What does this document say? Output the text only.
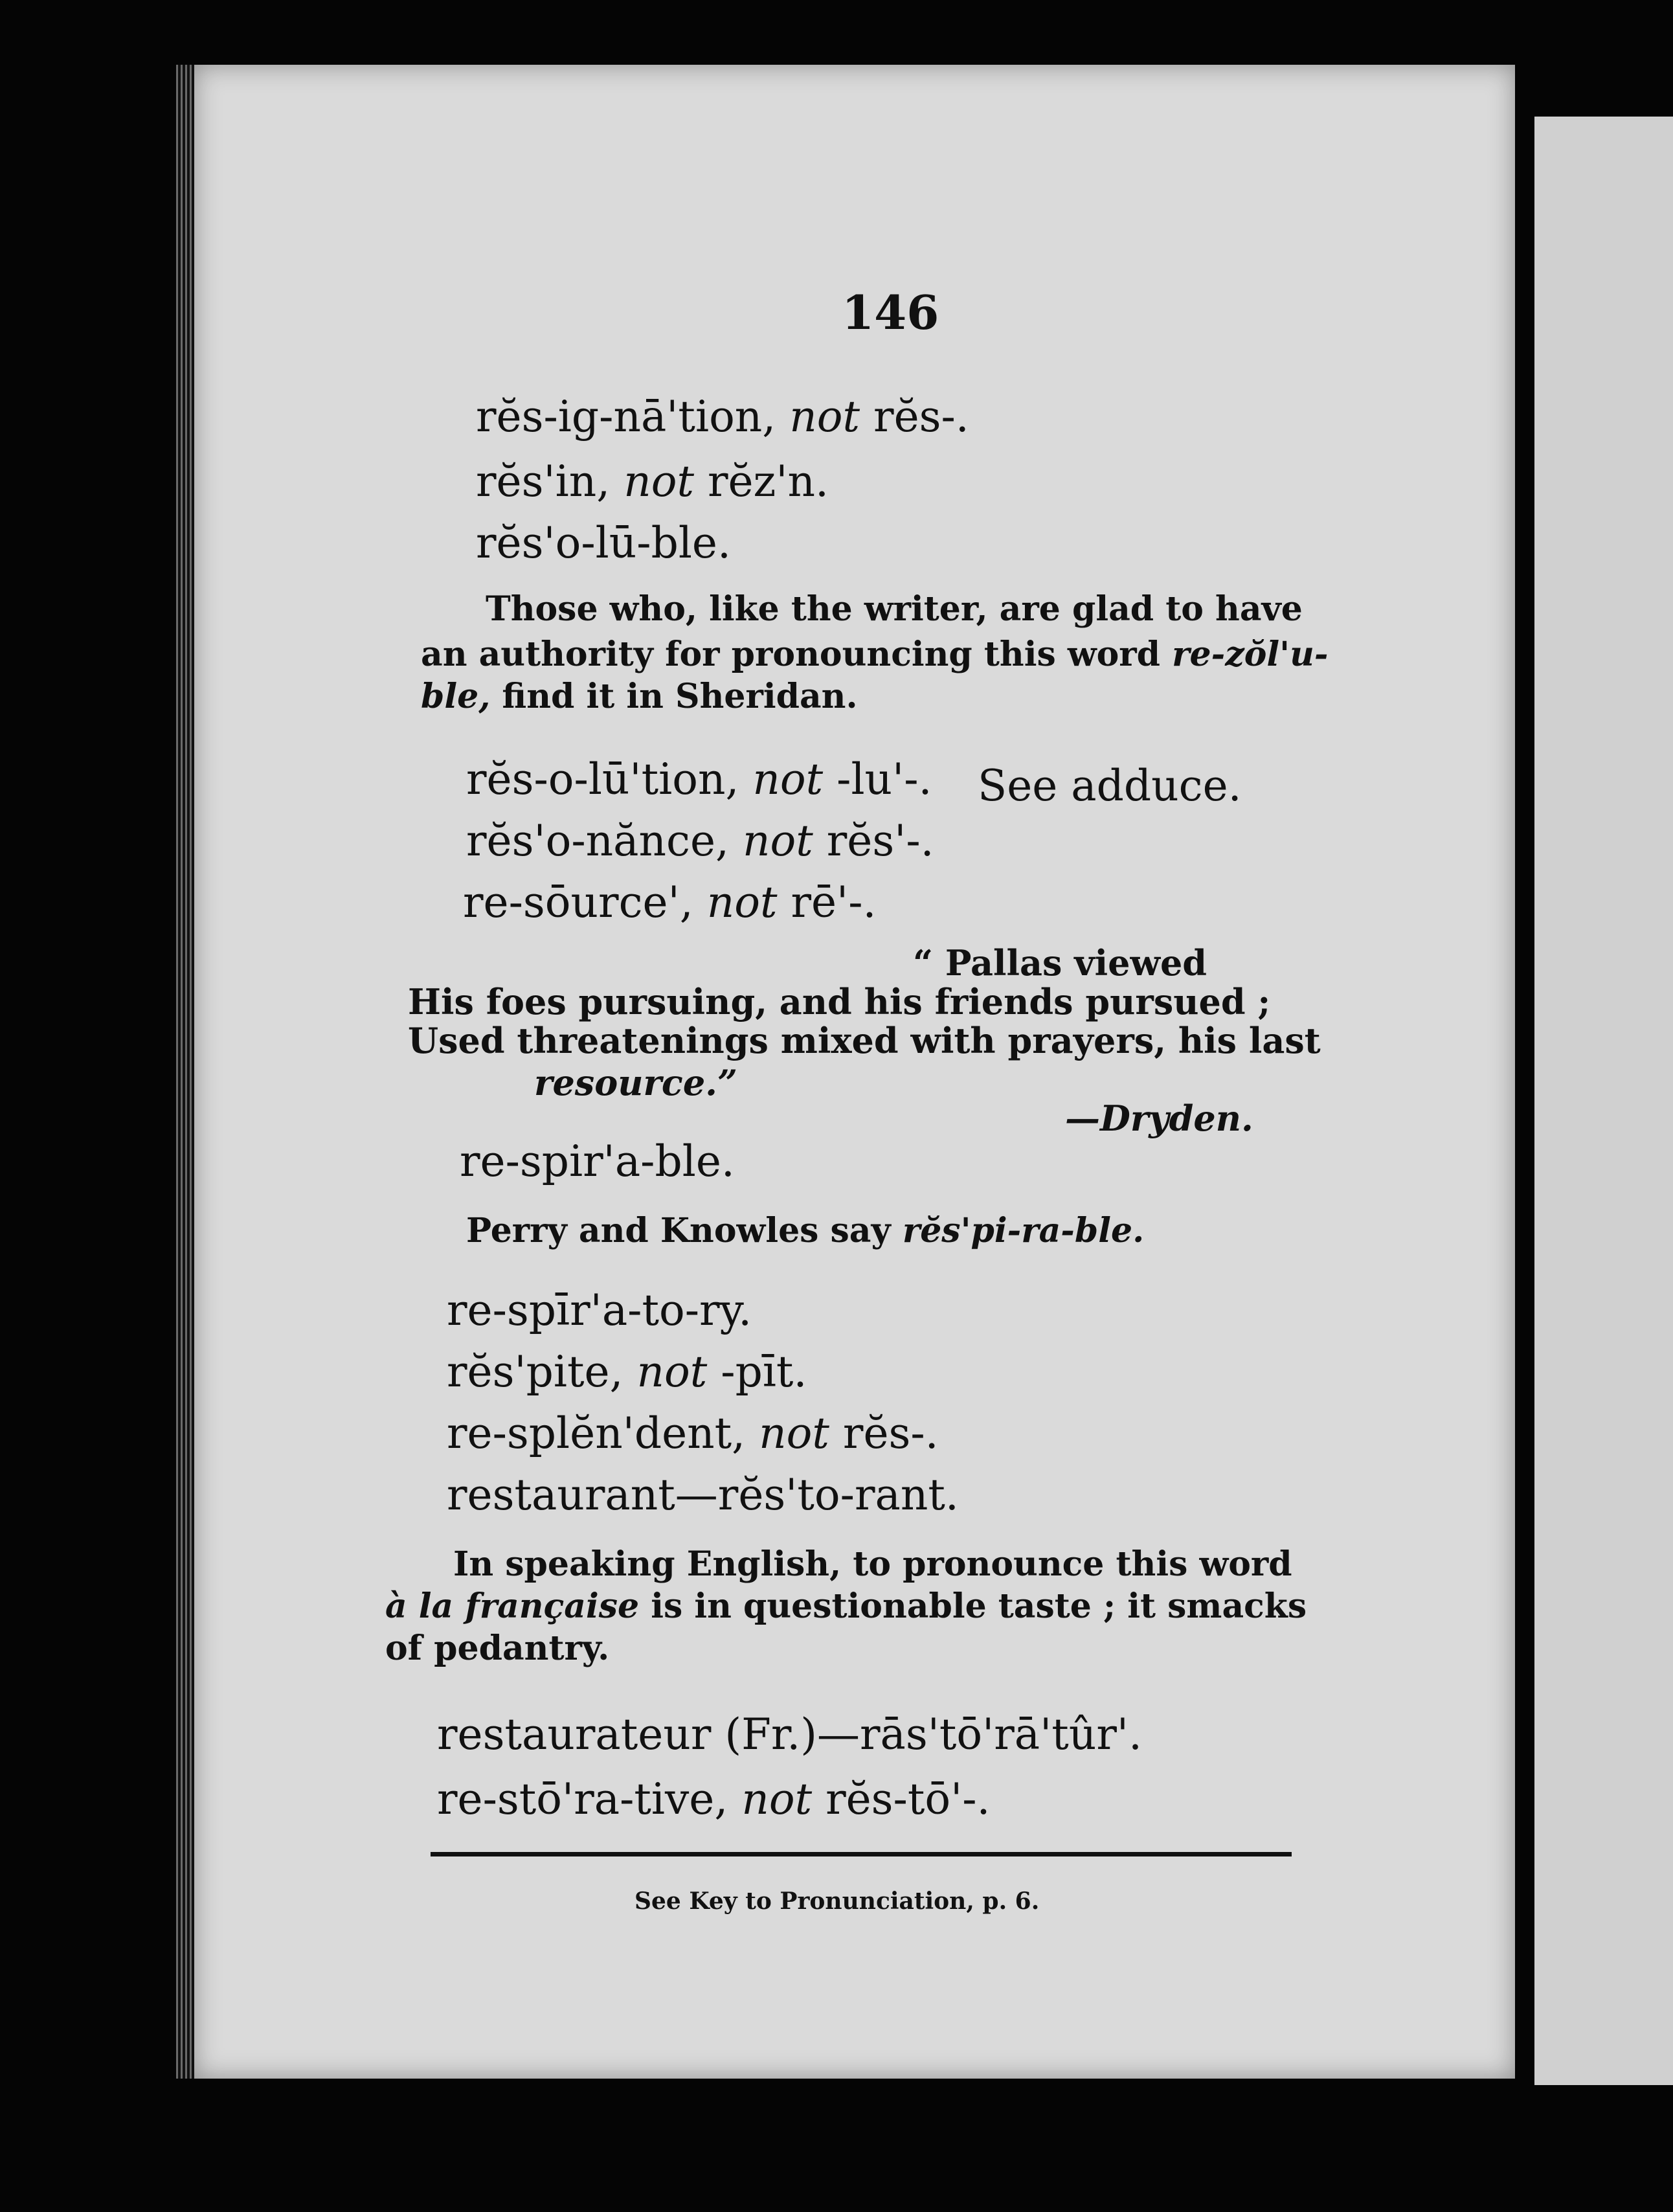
146
rĕs-ig-nā'tion, not rĕs-.
rĕs'in, not rĕz'n.
rĕs'o-lū-ble.
Those who, like the writer, are glad to have
an authority for pronouncing this word re-zŏl'u-
ble, find it in Sheridan.
rĕs-o-lū'tion, not -lu'-. See adduce.
rĕs'o-nănce, not rĕs'-.
re-sōurce', not rē'-.
“ Pallas viewed
His foes pursuing, and his friends pursued ;
Used threatenings mixed with prayers, his last
resource.”
—Dryden.
re-spir'a-ble.
Perry and Knowles say rĕs'pi-ra-ble.
re-spīr'a-to-ry.
rĕs'pite, not -pīt.
re-splĕn'dent, not rĕs-.
restaurant—rĕs'to-rant.
In speaking English, to pronounce this word
à la française is in questionable taste ; it smacks
of pedantry.
restaurateur (Fr.)—rās'tō'rā'tûr'.
re-stō'ra-tive, not rĕs-tō'-.
See Key to Pronunciation, p. 6.
